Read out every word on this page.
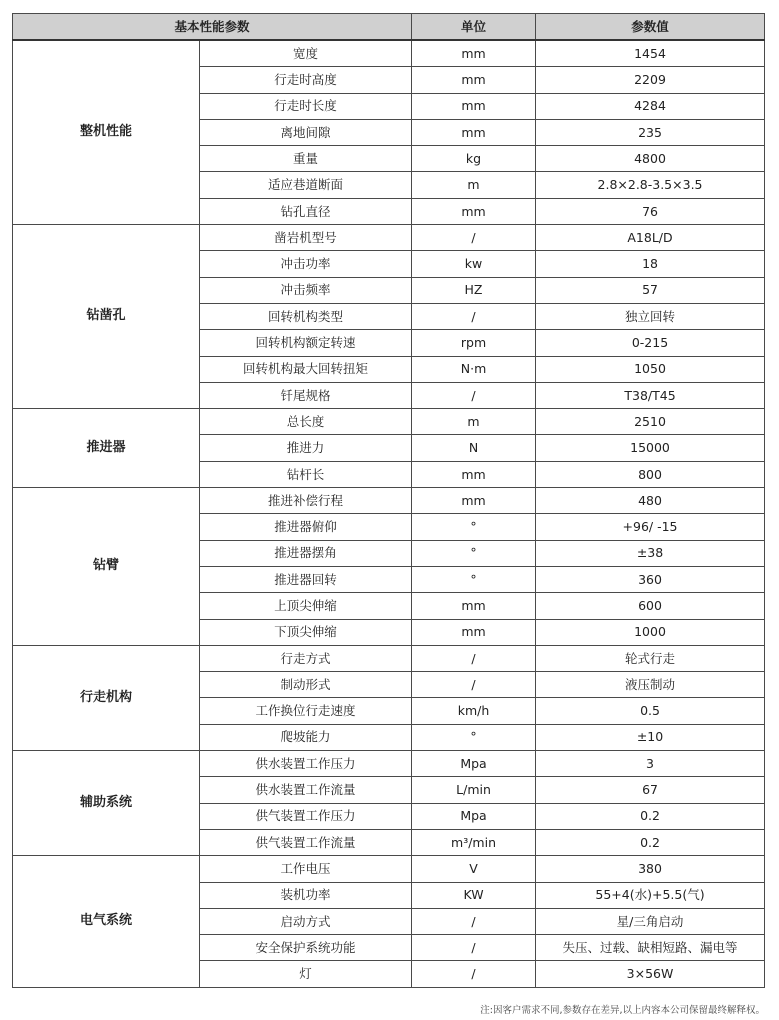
基本性能参数		单位	参数值
整机性能	宽度	mm	1454
	行走时高度	mm	2209
	行走时长度	mm	4284
	离地间隙	mm	235
	重量	kg	4800
	适应巷道断面	m	2.8×2.8-3.5×3.5
	钻孔直径	mm	76
钻凿孔	凿岩机型号	/	A18L/D
	冲击功率	kw	18
	冲击频率	HZ	57
	回转机构类型	/	独立回转
	回转机构额定转速	rpm	0-215
	回转机构最大回转扭矩	N·m	1050
	钎尾规格	/	T38/T45
推进器	总长度	m	2510
	推进力	N	15000
	钻杆长	mm	800
钻臂	推进补偿行程	mm	480
	推进器俯仰	°	+96/ -15
	推进器摆角	°	±38
	推进器回转	°	360
	上顶尖伸缩	mm	600
	下顶尖伸缩	mm	1000
行走机构	行走方式	/	轮式行走
	制动形式	/	液压制动
	工作换位行走速度	km/h	0.5
	爬坡能力	°	±10
辅助系统	供水装置工作压力	Mpa	3
	供水装置工作流量	L/min	67
	供气装置工作压力	Mpa	0.2
	供气装置工作流量	m³/min	0.2
电气系统	工作电压	V	380
	装机功率	KW	55+4(水)+5.5(气)
	启动方式	/	星/三角启动
	安全保护系统功能	/	失压、过载、缺相短路、漏电等
	灯	/	3×56W
注:因客户需求不同,参数存在差异,以上内容本公司保留最终解释权。
